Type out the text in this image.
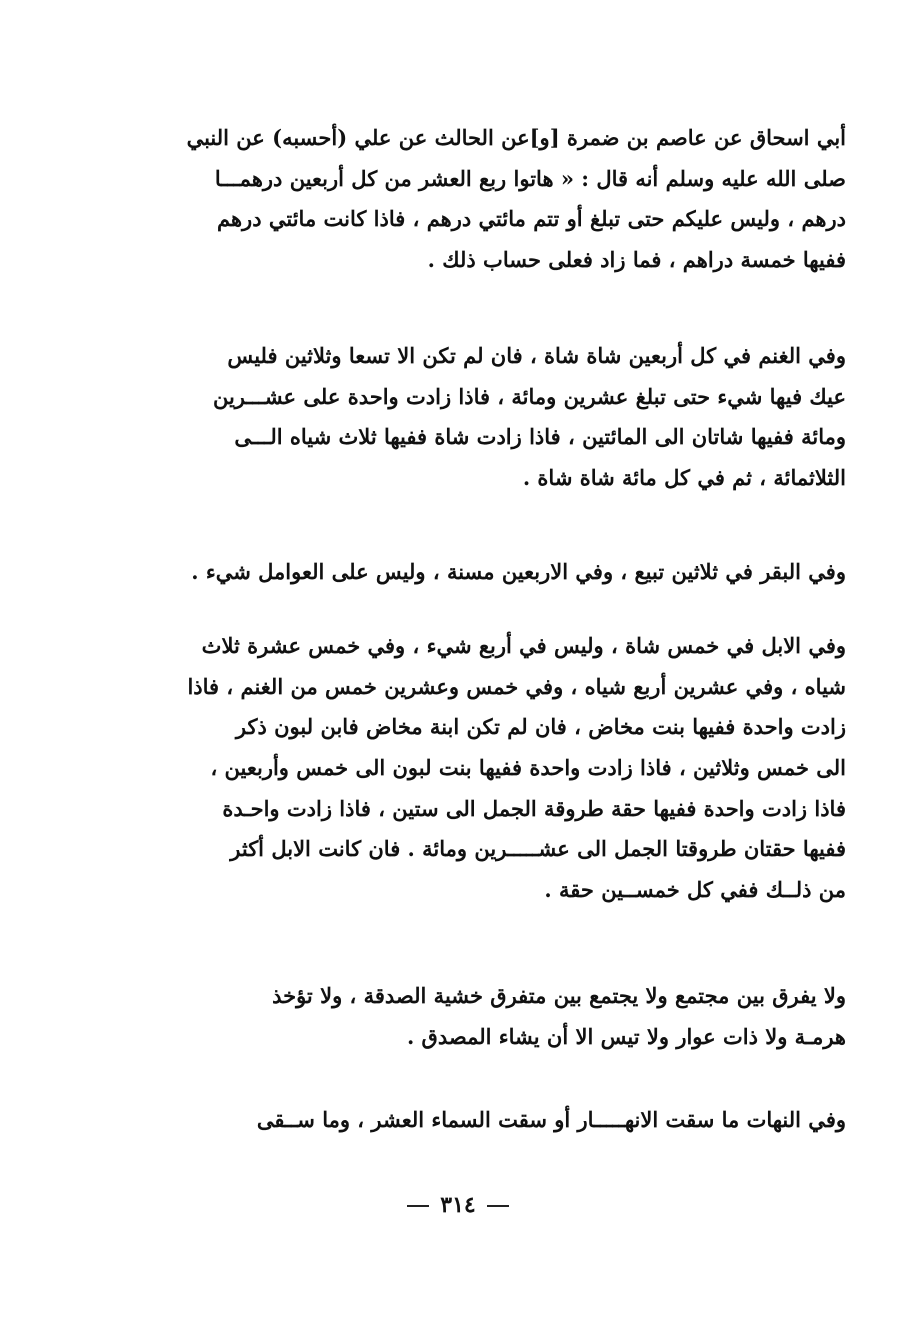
أبي اسحاق عن عاصم بن ضمرة [و]عن الحالث عن علي (أحسبه) عن النبي
صلى الله عليه وسلم أنه قال : « هاتوا ربع العشر من كل أربعين درهمـــا
درهم ، وليس عليكم حتى تبلغ أو تتم مائتي درهم ، فاذا كانت مائتي درهم
ففيها خمسة دراهم ، فما زاد فعلى حساب ذلك .
وفي الغنم في كل أربعين شاة شاة ، فان لم تكن الا تسعا وثلاثين فليس
عيك فيها شيء حتى تبلغ عشرين ومائة ، فاذا زادت واحدة على عشـــرين
ومائة ففيها شاتان الى المائتين ، فاذا زادت شاة ففيها ثلاث شياه الـــى
الثلاثمائة ، ثم في كل مائة شاة شاة .
وفي البقر في ثلاثين تبيع ، وفي الاربعين مسنة ، وليس على العوامل شيء .
وفي الابل في خمس شاة ، وليس في أربع شيء ، وفي خمس عشرة ثلاث
شياه ، وفي عشرين أربع شياه ، وفي خمس وعشرين خمس من الغنم ، فاذا
زادت واحدة ففيها بنت مخاض ، فان لم تكن ابنة مخاض فابن لبون ذكر
الى خمس وثلاثين ، فاذا زادت واحدة ففيها بنت لبون الى خمس وأربعين ،
فاذا زادت واحدة ففيها حقة طروقة الجمل الى ستين ، فاذا زادت واحـدة
ففيها حقتان طروقتا الجمل الى عشـــــرين ومائة . فان كانت الابل أكثر
من ذلــك ففي كل خمســين حقة .
ولا يفرق بين مجتمع ولا يجتمع بين متفرق خشية الصدقة ، ولا تؤخذ
هرمـة ولا ذات عوار ولا تيس الا أن يشاء المصدق .
وفي النهات ما سقت الانهـــــار أو سقت السماء العشر ، وما ســقى
٣١٤
